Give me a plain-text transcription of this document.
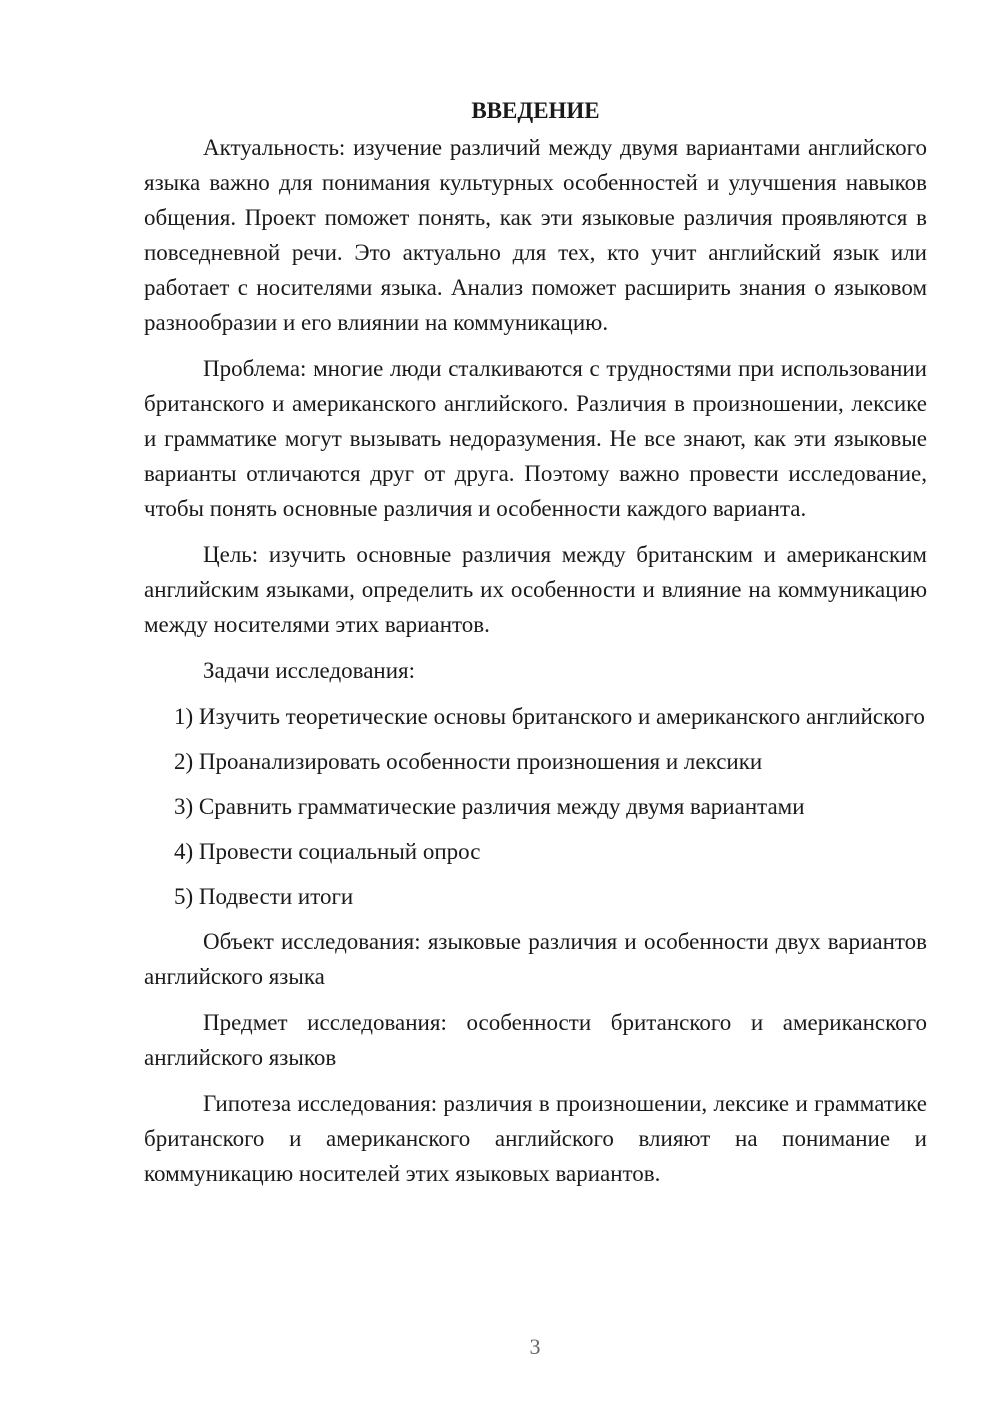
ВВЕДЕНИЕ

Актуальность: изучение различий между двумя вариантами английского языка важно для понимания культурных особенностей и улучшения навыков общения. Проект поможет понять, как эти языковые различия проявляются в повседневной речи. Это актуально для тех, кто учит английский язык или работает с носителями языка. Анализ поможет расширить знания о языковом разнообразии и его влиянии на коммуникацию.

Проблема: многие люди сталкиваются с трудностями при использовании британского и американского английского. Различия в произношении, лексике и грамматике могут вызывать недоразумения. Не все знают, как эти языковые варианты отличаются друг от друга. Поэтому важно провести исследование, чтобы понять основные различия и особенности каждого варианта.

Цель: изучить основные различия между британским и американским английским языками, определить их особенности и влияние на коммуникацию между носителями этих вариантов.

Задачи исследования:

1) Изучить теоретические основы британского и американского английского

2) Проанализировать особенности произношения и лексики

3) Сравнить грамматические различия между двумя вариантами

4) Провести социальный опрос

5) Подвести итоги

Объект исследования: языковые различия и особенности двух вариантов английского языка

Предмет исследования: особенности британского и американского английского языков

Гипотеза исследования: различия в произношении, лексике и грамматике британского и американского английского влияют на понимание и коммуникацию носителей этих языковых вариантов.

3
